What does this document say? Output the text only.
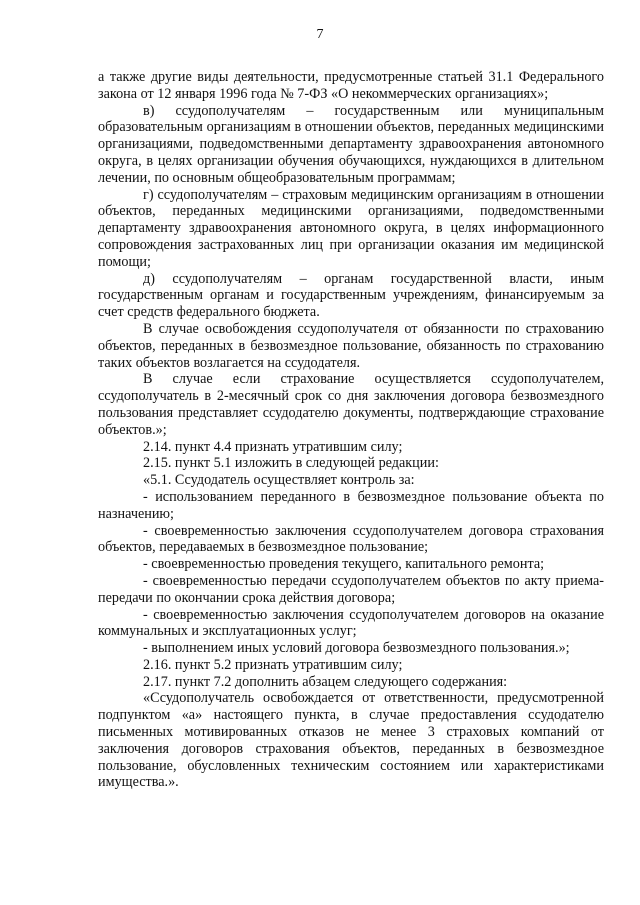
7

а также другие виды деятельности, предусмотренные статьей 31.1 Федерального закона от 12 января 1996 года № 7-ФЗ «О некоммерческих организациях»;

в) ссудополучателям – государственным или муниципальным образовательным организациям в отношении объектов, переданных медицинскими организациями, подведомственными департаменту здравоохранения автономного округа, в целях организации обучения обучающихся, нуждающихся в длительном лечении, по основным общеобразовательным программам;

г) ссудополучателям – страховым медицинским организациям в отношении объектов, переданных медицинскими организациями, подведомственными департаменту здравоохранения автономного округа, в целях информационного сопровождения застрахованных лиц при организации оказания им медицинской помощи;

д) ссудополучателям – органам государственной власти, иным государственным органам и государственным учреждениям, финансируемым за счет средств федерального бюджета.

В случае освобождения ссудополучателя от обязанности по страхованию объектов, переданных в безвозмездное пользование, обязанность по страхованию таких объектов возлагается на ссудодателя.

В случае если страхование осуществляется ссудополучателем, ссудополучатель в 2-месячный срок со дня заключения договора безвозмездного пользования представляет ссудодателю документы, подтверждающие страхование объектов.»;

2.14. пункт 4.4 признать утратившим силу;

2.15. пункт 5.1 изложить в следующей редакции:

«5.1. Ссудодатель осуществляет контроль за:

- использованием переданного в безвозмездное пользование объекта по назначению;

- своевременностью заключения ссудополучателем договора страхования объектов, передаваемых в безвозмездное пользование;

- своевременностью проведения текущего, капитального ремонта;

- своевременностью передачи ссудополучателем объектов по акту приема-передачи по окончании срока действия договора;

- своевременностью заключения ссудополучателем договоров на оказание коммунальных и эксплуатационных услуг;

- выполнением иных условий договора безвозмездного пользования.»;

2.16. пункт 5.2 признать утратившим силу;

2.17. пункт 7.2 дополнить абзацем следующего содержания:

«Ссудополучатель освобождается от ответственности, предусмотренной подпунктом «а» настоящего пункта, в случае предоставления ссудодателю письменных мотивированных отказов не менее 3 страховых компаний от заключения договоров страхования объектов, переданных в безвозмездное пользование, обусловленных техническим состоянием или характеристиками имущества.».
